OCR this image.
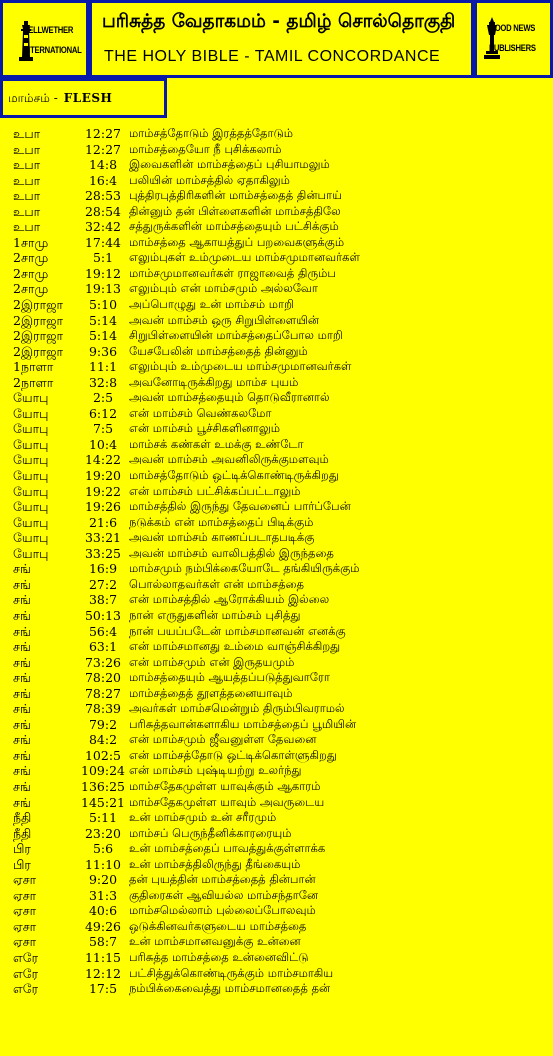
BELLWETHER
INTERNATIONAL
பரிசுத்த வேதாகமம் - தமிழ் சொல்தொகுதி
THE HOLY BIBLE - TAMIL CONCORDANCE
GOOD NEWS
PUBLISHERS
மாம்சம் - FLESH
உபா	12:27 மாம்சத்தோடும் இரத்தத்தோடும்
உபா	12:27 மாம்சத்தையோ நீ புசிக்கலாம்
உபா	14:8	இவைகளின் மாம்சத்தைப் புசியாமலும்
உபா	16:4	பலியின் மாம்சத்தில் ஏதாகிலும்
உபா	28:53 புத்திரபுத்திரிகளின் மாம்சத்தைத் தின்பாய்
உபா	28:54 தின்னும் தன் பிள்ளைகளின் மாம்சத்திலே
உபா	32:42 சத்துருக்களின் மாம்சத்தையும் பட்சிக்கும்
1சாமு	17:44 மாம்சத்தை ஆகாயத்துப் பறவைகளுக்கும்
2சாமு	5:1	எலும்புகள் உம்முடைய மாம்சமுமானவர்கள்
2சாமு	19:12 மாம்சமுமானவர்கள் ராஜாவைத் திரும்ப
2சாமு	19:13 எலும்பும் என் மாம்சமும் அல்லவோ
2இராஜா	5:10	அப்பொழுது உன் மாம்சம் மாறி
2இராஜா	5:14	அவன் மாம்சம் ஒரு சிறுபிள்ளையின்
2இராஜா	5:14	சிறுபிள்ளையின் மாம்சத்தைப்போல மாறி
2இராஜா	9:36	யேசபேலின் மாம்சத்தைத் தின்னும்
1நாளா	11:1	எலும்பும் உம்முடைய மாம்சமுமானவர்கள்
2நாளா	32:8	அவனோடிருக்கிறது மாம்ச புயம்
யோபு	2:5	அவன் மாம்சத்தையும் தொடுவீரானால்
யோபு	6:12	என் மாம்சம் வெண்கலமோ
யோபு	7:5	என் மாம்சம் பூச்சிகளினாலும்
யோபு	10:4	மாம்சக் கண்கள் உமக்கு உண்டோ
யோபு	14:22 அவன் மாம்சம் அவனிலிருக்குமளவும்
யோபு	19:20 மாம்சத்தோடும் ஒட்டிக்கொண்டிருக்கிறது
யோபு	19:22 என் மாம்சம் பட்சிக்கப்பட்டாலும்
யோபு	19:26 மாம்சத்தில் இருந்து தேவனைப் பார்ப்பேன்
யோபு	21:6	நடுக்கம் என் மாம்சத்தைப் பிடிக்கும்
யோபு	33:21 அவன் மாம்சம் காணப்படாதபடிக்கு
யோபு	33:25 அவன் மாம்சம் வாலிபத்தில் இருந்ததை
சங்	16:9	மாம்சமும் நம்பிக்கையோடே தங்கியிருக்கும்
சங்	27:2	பொல்லாதவர்கள் என் மாம்சத்தை
சங்	38:7	என் மாம்சத்தில் ஆரோக்கியம் இல்லை
சங்	50:13 நான் எருதுகளின் மாம்சம் புசித்து
சங்	56:4	நான் பயப்படேன் மாம்சமானவன் எனக்கு
சங்	63:1	என் மாம்சமானது உம்மை வாஞ்சிக்கிறது
சங்	73:26 என் மாம்சமும் என் இருதயமும்
சங்	78:20 மாம்சத்தையும் ஆயத்தப்படுத்துவாரோ
சங்	78:27 மாம்சத்தைத் தூளத்தனையாவும்
சங்	78:39 அவர்கள் மாம்சமென்றும் திரும்பிவராமல்
சங்	79:2	பரிசுத்தவான்களாகிய மாம்சத்தைப் பூமியின்
சங்	84:2	என் மாம்சமும் ஜீவனுள்ள தேவனை
சங்	102:5 என் மாம்சத்தோடு ஒட்டிக்கொள்ளுகிறது
சங்	109:24 என் மாம்சம் புஷ்டியற்று உலர்ந்து
சங்	136:25 மாம்சதேகமுள்ள யாவுக்கும் ஆகாரம்
சங்	145:21 மாம்சதேகமுள்ள யாவும் அவருடைய
நீதி	5:11	உன் மாம்சமும் உன் சரீரமும்
நீதி	23:20 மாம்சப் பெருந்தீனிக்காரரையும்
பிர	5:6	உன் மாம்சத்தைப் பாவத்துக்குள்ளாக்க
பிர	11:10 உன் மாம்சத்திலிருந்து தீங்கையும்
ஏசா	9:20	தன் புயத்தின் மாம்சத்தைத் தின்பான்
ஏசா	31:3	குதிரைகள் ஆவியல்ல மாம்சந்தானே
ஏசா	40:6	மாம்சமெல்லாம் புல்லைப்போலவும்
ஏசா	49:26 ஒடுக்கினவர்களுடைய மாம்சத்தை
ஏசா	58:7	உன் மாம்சமானவனுக்கு உன்னை
எரே	11:15 பரிசுத்த மாம்சத்தை உன்னைவிட்டு
எரே	12:12 பட்சித்துக்கொண்டிருக்கும் மாம்சமாகிய
எரே	17:5	நம்பிக்கைவைத்து மாம்சமானதைத் தன்
